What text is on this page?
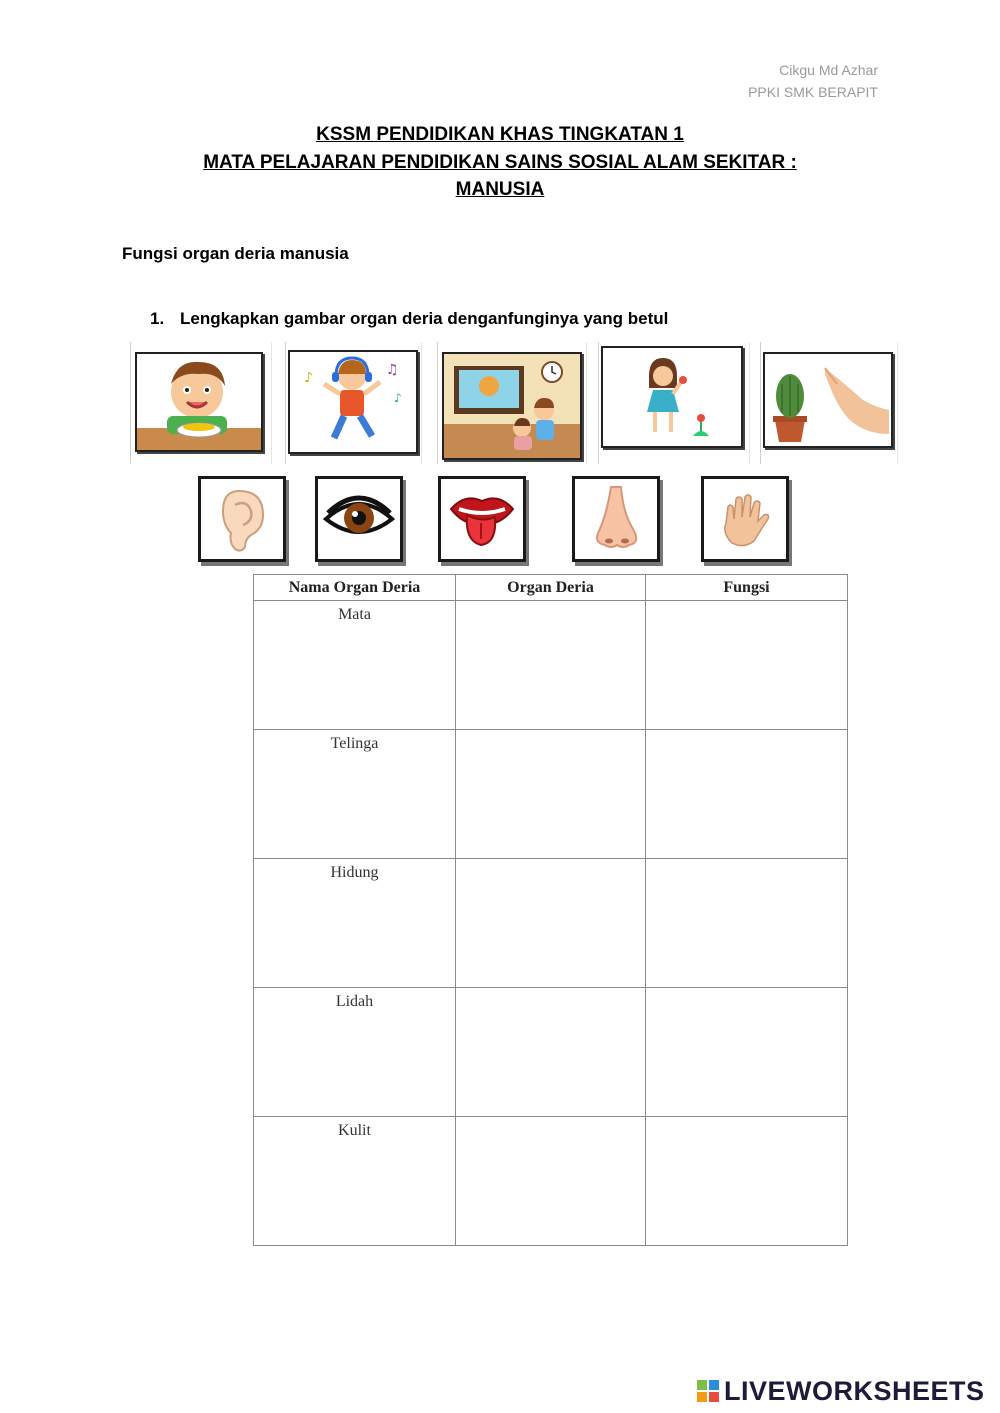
Cikgu Md Azhar
PPKI SMK BERAPIT
KSSM PENDIDIKAN KHAS TINGKATAN 1
MATA PELAJARAN PENDIDIKAN SAINS SOSIAL ALAM SEKITAR :
MANUSIA
Fungsi organ deria manusia
1. Lengkapkan gambar organ deria denganfunginya yang betul
♪	♫
♪
Nama Organ Deria	Organ Deria	Fungsi

Mata		

Telinga		

Hidung		

Lidah		

Kulit		

LIVEWORKSHEETS
